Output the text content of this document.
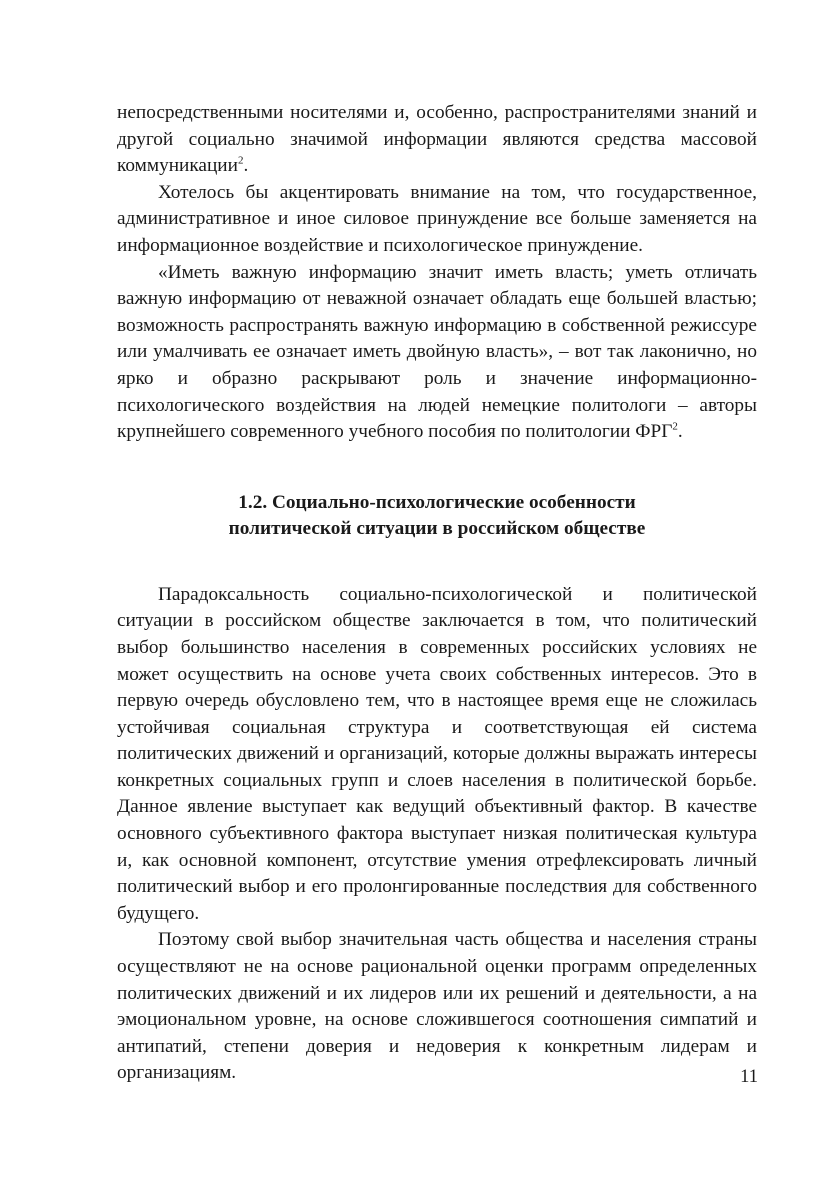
непосредственными носителями и, особенно, распространителями знаний и другой социально значимой информации являются средства массовой коммуникации$^2$.

Хотелось бы акцентировать внимание на том, что государственное, административное и иное силовое принуждение все больше заменяется на информационное воздействие и психологическое принуждение.

«Иметь важную информацию значит иметь власть; уметь отличать важную информацию от неважной означает обладать еще большей властью; возможность распространять важную информацию в собственной режиссуре или умалчивать ее означает иметь двойную власть», – вот так лаконично, но ярко и образно раскрывают роль и значение информационно-психологического воздействия на людей немецкие политологи – авторы крупнейшего современного учебного пособия по политологии ФРГ$^2$.

1.2. Социально-психологические особенности
политической ситуации в российском обществе

Парадоксальность социально-психологической и политической ситуации в российском обществе заключается в том, что политический выбор большинство населения в современных российских условиях не может осуществить на основе учета своих собственных интересов. Это в первую очередь обусловлено тем, что в настоящее время еще не сложилась устойчивая социальная структура и соответствующая ей система политических движений и организаций, которые должны выражать интересы конкретных социальных групп и слоев населения в политической борьбе. Данное явление выступает как ведущий объективный фактор. В качестве основного субъективного фактора выступает низкая политическая культура и, как основной компонент, отсутствие умения отрефлексировать личный политический выбор и его пролонгированные последствия для собственного будущего.

Поэтому свой выбор значительная часть общества и населения страны осуществляют не на основе рациональной оценки программ определенных политических движений и их лидеров или их решений и деятельности, а на эмоциональном уровне, на основе сложившегося соотношения симпатий и антипатий, степени доверия и недоверия к конкретным лидерам и организациям.	11
